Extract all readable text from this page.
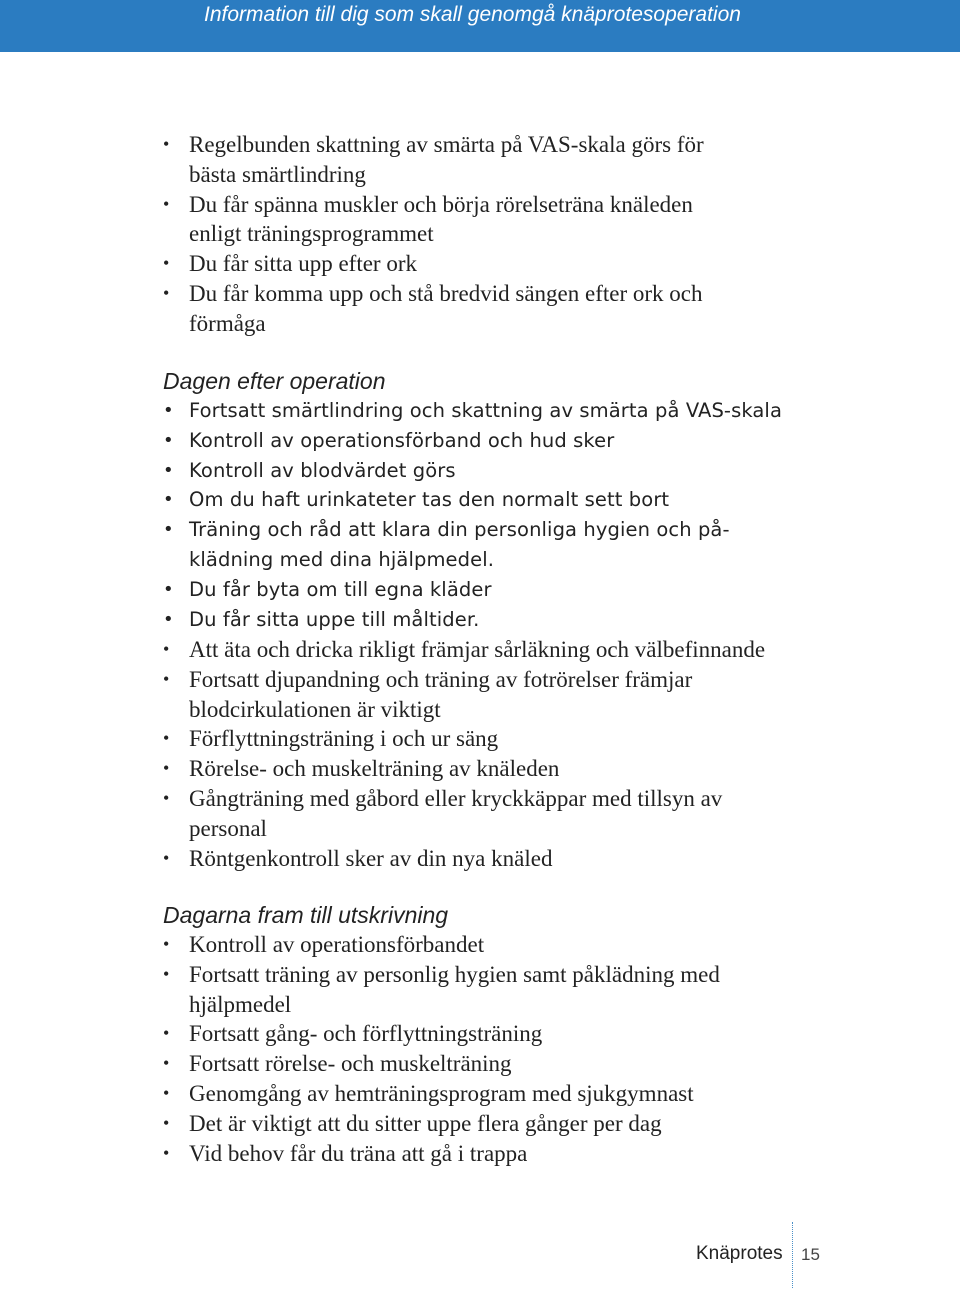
Information till dig som skall genomgå knäprotesoperation
• Regelbunden skattning av smärta på VAS-skala görs för
bästa smärtlindring
• Du får spänna muskler och börja rörelseträna knäleden
enligt träningsprogrammet
• Du får sitta upp efter ork
• Du får komma upp och stå bredvid sängen efter ork och
förmåga
Dagen efter operation
• Fortsatt smärtlindring och skattning av smärta på VAS-skala
• Kontroll av operationsförband och hud sker
• Kontroll av blodvärdet görs
• Om du haft urinkateter tas den normalt sett bort
• Träning och råd att klara din personliga hygien och på-
klädning med dina hjälpmedel.
• Du får byta om till egna kläder
• Du får sitta uppe till måltider.
• Att äta och dricka rikligt främjar sårläkning och välbefinnande
• Fortsatt djupandning och träning av fotrörelser främjar
blodcirkulationen är viktigt
• Förflyttningsträning i och ur säng
• Rörelse- och muskelträning av knäleden
• Gångträning med gåbord eller kryckkäppar med tillsyn av
personal
• Röntgenkontroll sker av din nya knäled
Dagarna fram till utskrivning
• Kontroll av operationsförbandet
• Fortsatt träning av personlig hygien samt påklädning med
hjälpmedel
• Fortsatt gång- och förflyttningsträning
• Fortsatt rörelse- och muskelträning
• Genomgång av hemträningsprogram med sjukgymnast
• Det är viktigt att du sitter uppe flera gånger per dag
• Vid behov får du träna att gå i trappa
Knäprotes 15
